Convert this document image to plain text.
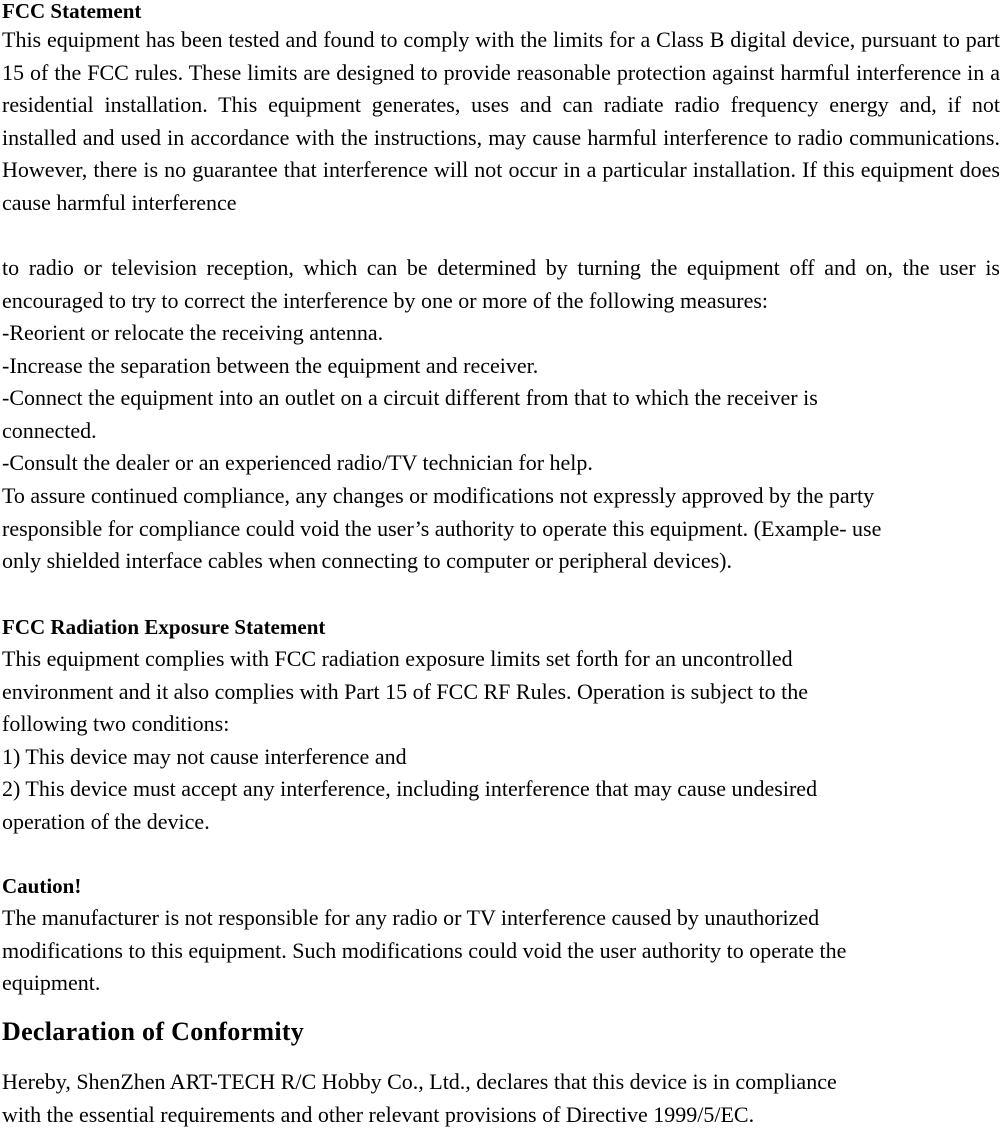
FCC Statement

This equipment has been tested and found to comply with the limits for a Class B digital device, pursuant to part 15 of the FCC rules. These limits are designed to provide reasonable protection against harmful interference in a residential installation. This equipment generates, uses and can radiate radio frequency energy and, if not installed and used in accordance with the instructions, may cause harmful interference to radio communications. However, there is no guarantee that interference will not occur in a particular installation. If this equipment does cause harmful interference

to radio or television reception, which can be determined by turning the equipment off and on, the user is encouraged to try to correct the interference by one or more of the following measures:

-Reorient or relocate the receiving antenna.

-Increase the separation between the equipment and receiver.

-Connect the equipment into an outlet on a circuit different from that to which the receiver is

connected.

-Consult the dealer or an experienced radio/TV technician for help.

To assure continued compliance, any changes or modifications not expressly approved by the party

responsible for compliance could void the user’s authority to operate this equipment. (Example- use

only shielded interface cables when connecting to computer or peripheral devices).

FCC Radiation Exposure Statement

This equipment complies with FCC radiation exposure limits set forth for an uncontrolled

environment and it also complies with Part 15 of FCC RF Rules. Operation is subject to the

following two conditions:

1) This device may not cause interference and

2) This device must accept any interference, including interference that may cause undesired

operation of the device.

Caution!

The manufacturer is not responsible for any radio or TV interference caused by unauthorized

modifications to this equipment. Such modifications could void the user authority to operate the

equipment.

Declaration of Conformity

Hereby, ShenZhen ART-TECH R/C Hobby Co., Ltd., declares that this device is in compliance

with the essential requirements and other relevant provisions of Directive 1999/5/EC.
